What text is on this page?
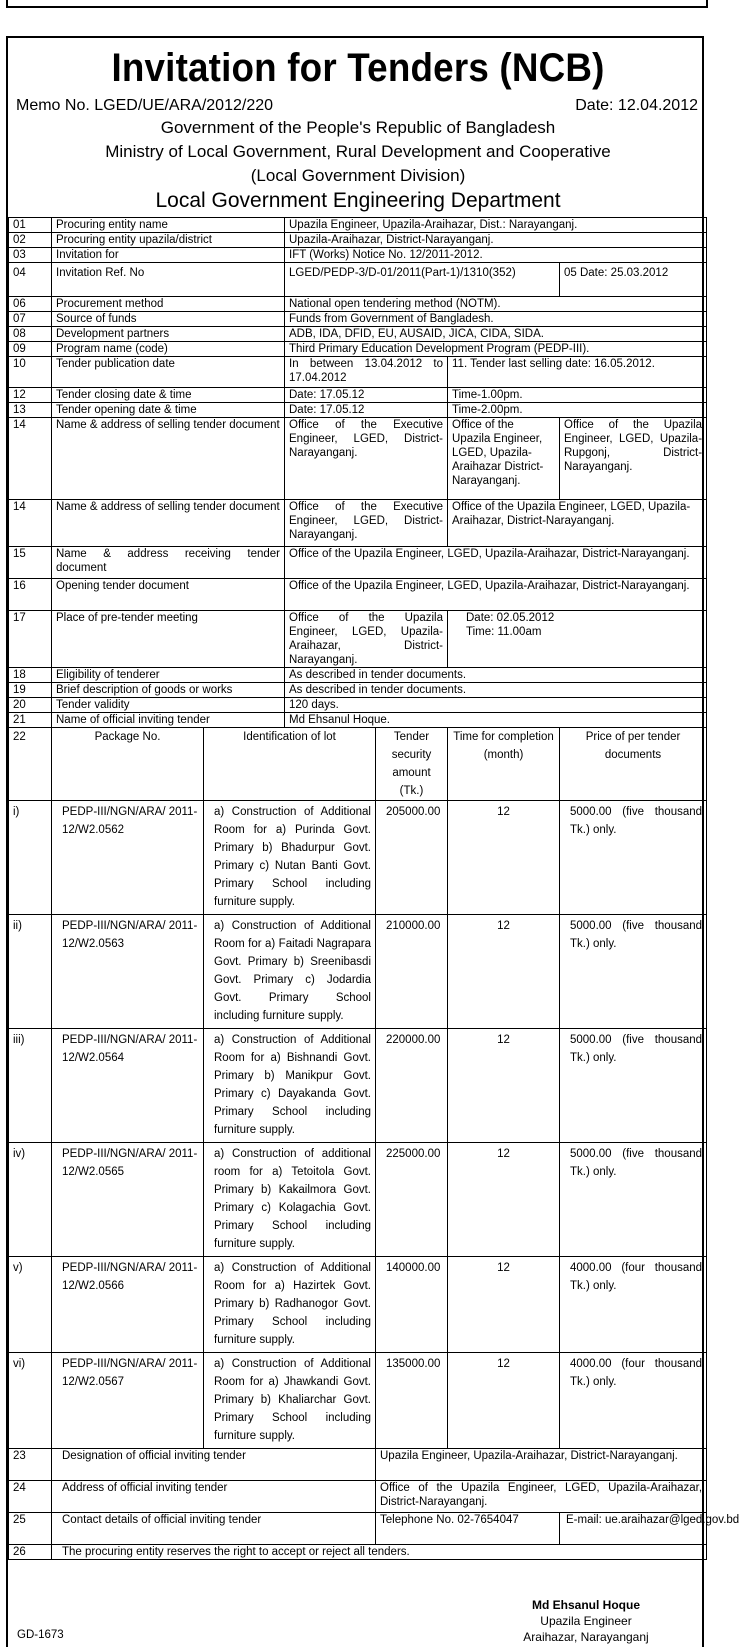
Invitation for Tenders (NCB)
Memo No. LGED/UE/ARA/2012/220	Date: 12.04.2012
Government of the People's Republic of Bangladesh
Ministry of Local Government, Rural Development and Cooperative
(Local Government Division)
Local Government Engineering Department
01	Procuring entity name		Upazila Engineer, Upazila-Araihazar, Dist.: Narayanganj.			
02	Procuring entity upazila/district		Upazila-Araihazar, District-Narayanganj.			
03	Invitation for		IFT (Works) Notice No. 12/2011-2012.			
04	Invitation Ref. No		LGED/PEDP-3/D-01/2011(Part-1)/1310(352)			05 Date: 25.03.2012
06	Procurement method		National open tendering method (NOTM).			
07	Source of funds		Funds from Government of Bangladesh.			
08	Development partners		ADB, IDA, DFID, EU, AUSAID, JICA, CIDA, SIDA.			
09	Program name (code)		Third Primary Education Development Program (PEDP-III).			
10	Tender publication date		In between 13.04.2012 to 17.04.2012		11. Tender last selling date: 16.05.2012.	
12	Tender closing date & time		Date: 17.05.12		Time-1.00pm.	
13	Tender opening date & time		Date: 17.05.12		Time-2.00pm.	
14	Name & address of selling tender document		Office of the Executive Engineer, LGED, District-Narayanganj.		Office of the Upazila Engineer, LGED, Upazila-Araihazar District-Narayanganj.	Office of the Upazila Engineer, LGED, Upazila-Rupgonj, District-Narayanganj.
14	Name & address of selling tender document		Office of the Executive Engineer, LGED, District-Narayanganj.		Office of the Upazila Engineer, LGED, Upazila-Araihazar, District-Narayanganj.	
15	Name & address receiving tender document		Office of the Upazila Engineer, LGED, Upazila-Araihazar, District-Narayanganj.			
16	Opening tender document		Office of the Upazila Engineer, LGED, Upazila-Araihazar, District-Narayanganj.			
17	Place of pre-tender meeting		Office of the Upazila Engineer, LGED, Upazila-Araihazar, District-Narayanganj.		Date: 02.05.2012
Time: 11.00am	

18	Eligibility of tenderer		As described in tender documents.			
19	Brief description of goods or works		As described in tender documents.			
20	Tender validity		120 days.			
21	Name of official inviting tender		Md Ehsanul Hoque.			
22	Package No.	Identification of lot		Tender security amount (Tk.)	Time for completion (month)	Price of per tender documents
i)	PEDP-III/NGN/ARA/ 2011-12/W2.0562	a) Construction of Additional Room for a) Purinda Govt. Primary b) Bhadurpur Govt. Primary c) Nutan Banti Govt. Primary School including furniture supply.		205000.00	12	5000.00 (five thousand Tk.) only.
ii)	PEDP-III/NGN/ARA/ 2011-12/W2.0563	a) Construction of Additional Room for a) Faitadi Nagrapara Govt. Primary b) Sreenibasdi Govt. Primary c) Jodardia Govt. Primary School including furniture supply.		210000.00	12	5000.00 (five thousand Tk.) only.
iii)	PEDP-III/NGN/ARA/ 2011-12/W2.0564	a) Construction of Additional Room for a) Bishnandi Govt. Primary b) Manikpur Govt. Primary c) Dayakanda Govt. Primary School including furniture supply.		220000.00	12	5000.00 (five thousand Tk.) only.
iv)	PEDP-III/NGN/ARA/ 2011-12/W2.0565	a) Construction of additional room for a) Tetoitola Govt. Primary b) Kakailmora Govt. Primary c) Kolagachia Govt. Primary School including furniture supply.		225000.00	12	5000.00 (five thousand Tk.) only.
v)	PEDP-III/NGN/ARA/ 2011-12/W2.0566	a) Construction of Additional Room for a) Hazirtek Govt. Primary b) Radhanogor Govt. Primary School including furniture supply.		140000.00	12	4000.00 (four thousand Tk.) only.
vi)	PEDP-III/NGN/ARA/ 2011-12/W2.0567	a) Construction of Additional Room for a) Jhawkandi Govt. Primary b) Khaliarchar Govt. Primary School including furniture supply.		135000.00	12	4000.00 (four thousand Tk.) only.
23	Designation of official inviting tender			Upazila Engineer, Upazila-Araihazar, District-Narayanganj.		
24	Address of official inviting tender			Office of the Upazila Engineer, LGED, Upazila-Araihazar, District-Narayanganj.		
25	Contact details of official inviting tender			Telephone No. 02-7654047		E-mail: ue.araihazar@lged.gov.bd
26	The procuring entity reserves the right to accept or reject all tenders.					
Md Ehsanul Hoque
Upazila Engineer
Araihazar, Narayanganj
GD-1673
